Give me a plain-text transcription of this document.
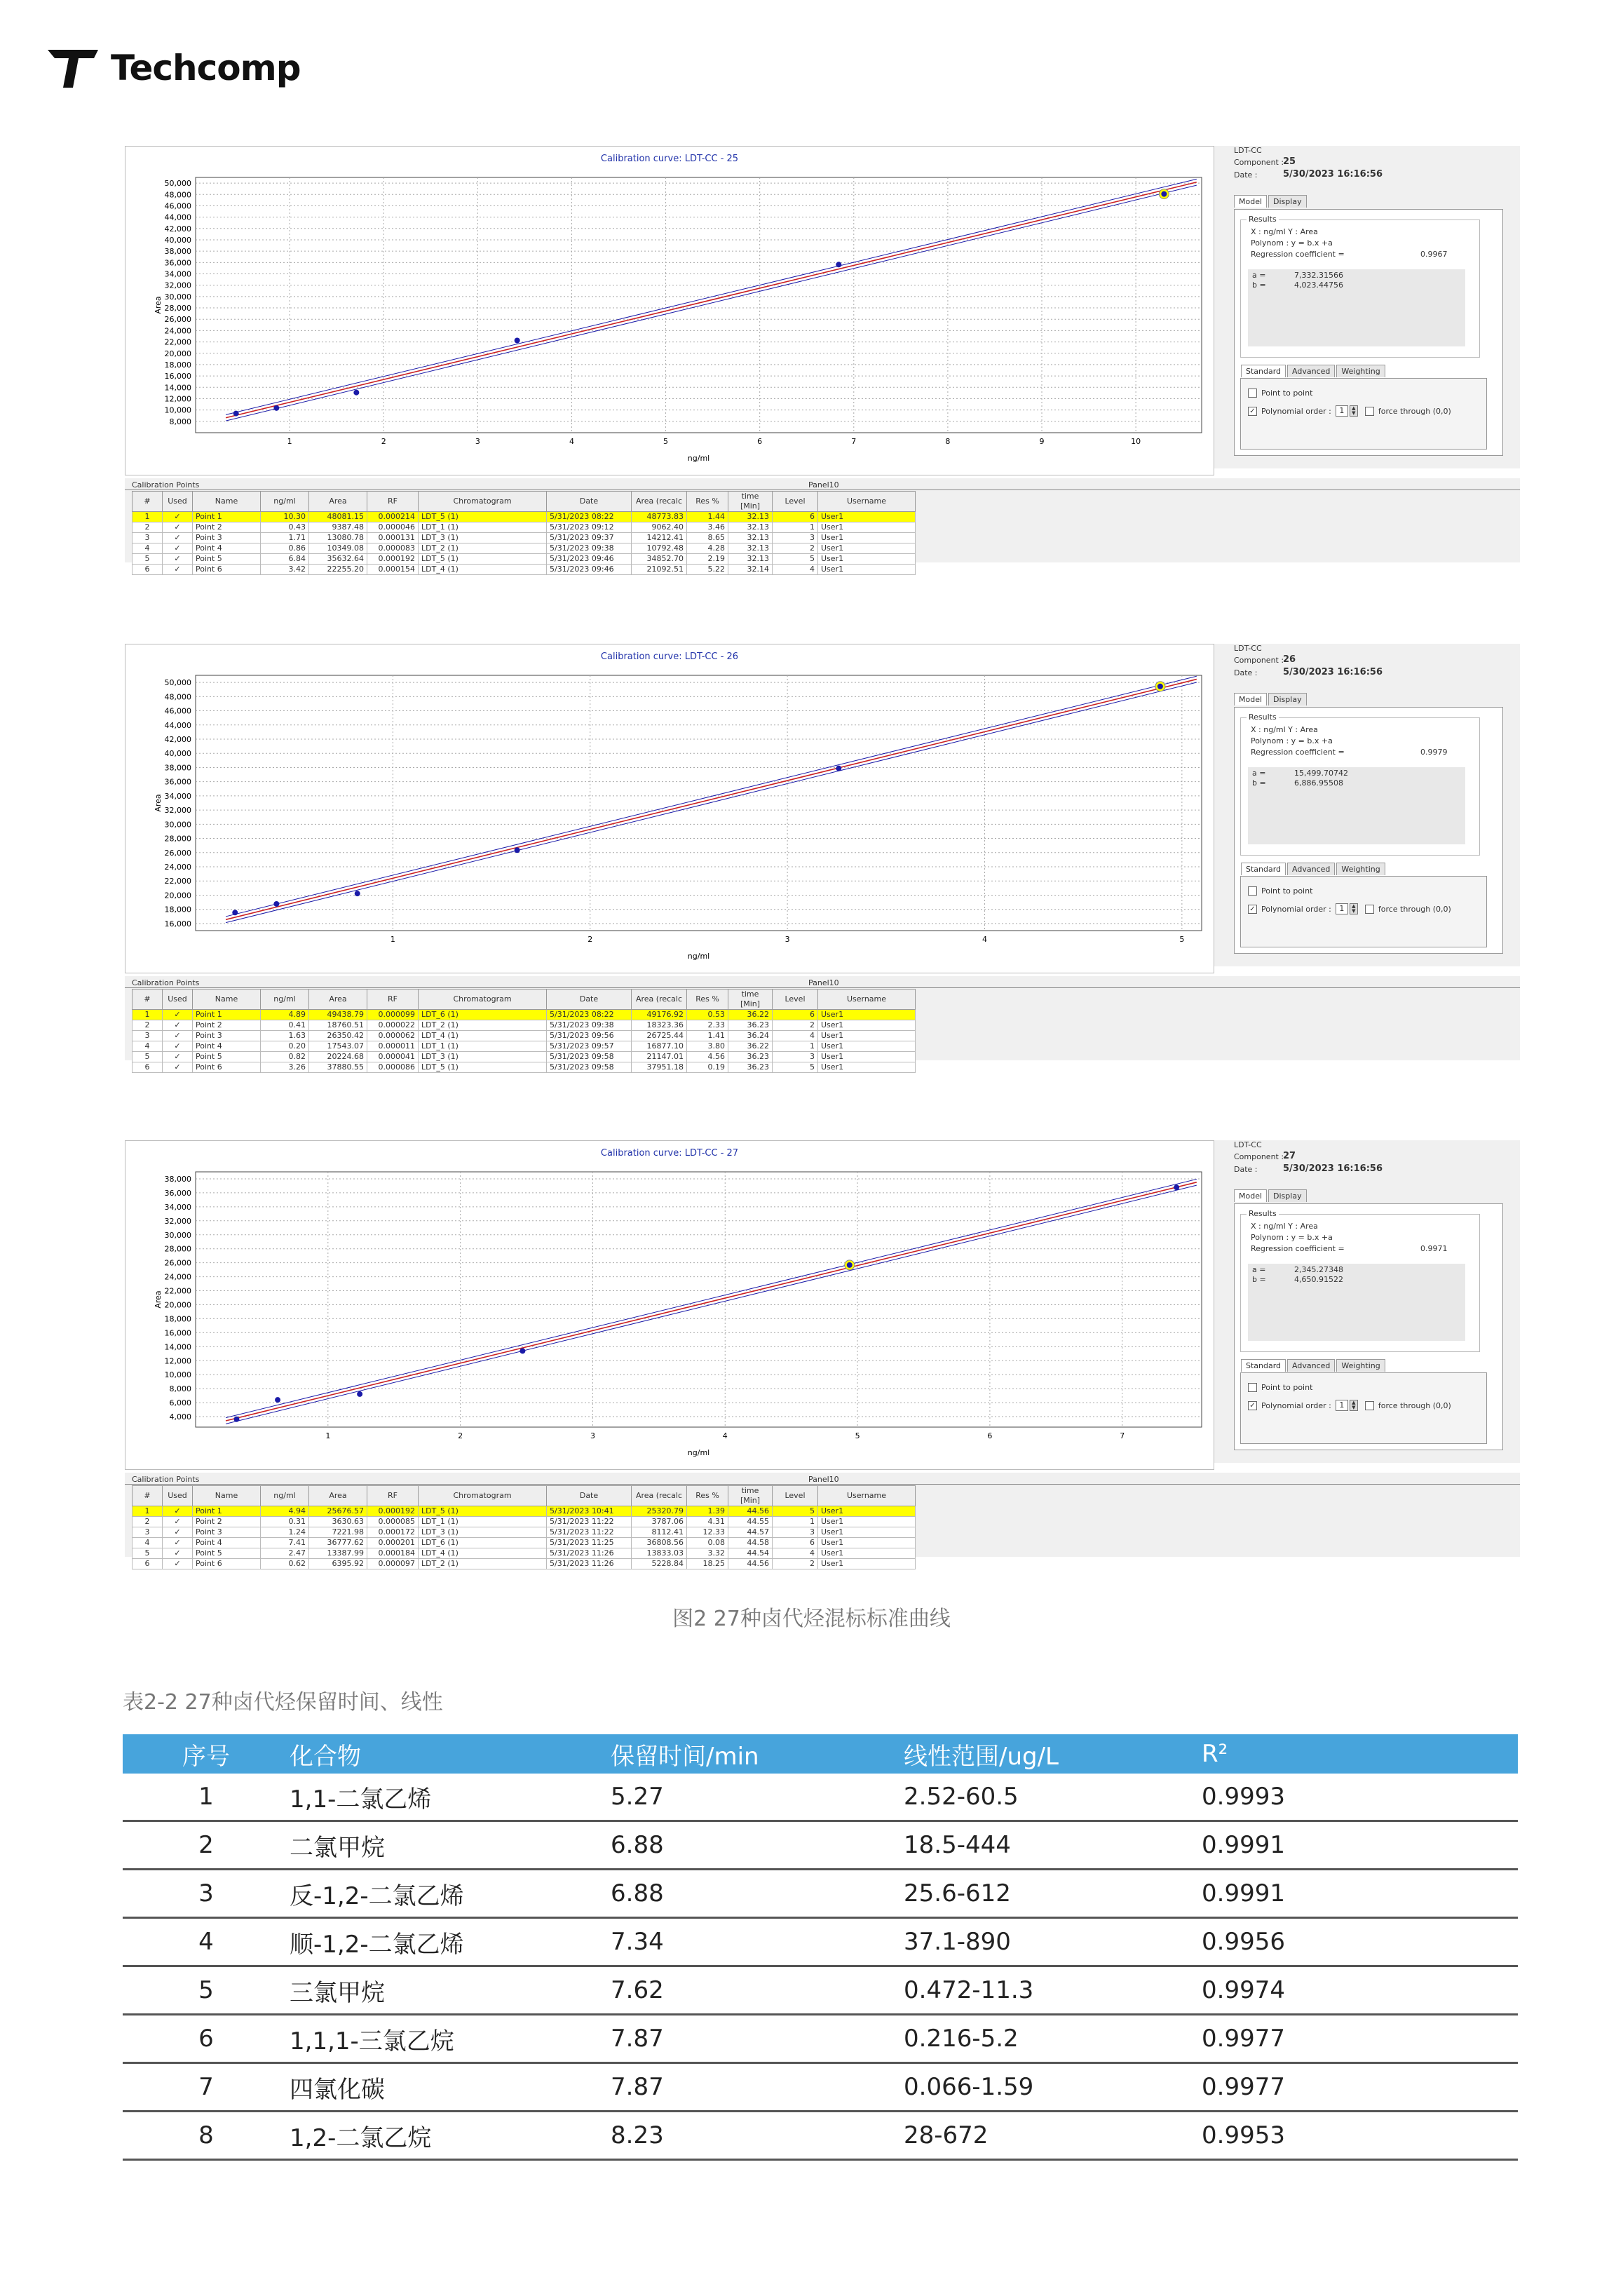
Techcomp
Calibration curve: LDT-CC - 25
8,000
10,000
12,000
14,000
16,000
18,000
20,000
22,000
24,000
26,000
28,000
30,000
32,000
34,000
36,000
38,000
40,000
42,000
44,000
46,000
48,000
50,000
1	2	3	4	5	6	7	8	9	10
ng/ml
Area
LDT-CC
Component :
25
Date :	5/30/2023 16:16:56
Model	Display
Results
X : ng/ml Y : Area
Polynom : y = b.x +a
Regression coefficient =	0.9967
a =	7,332.31566
b =	4,023.44756
Standard	Advanced	Weighting
Point to point
✓ Polynomial order :	1	▲
▼	force through (0,0)
Calibration Points	Panel10
#	Used	Name	ng/ml	Area	RF	Chromatogram	Date	Area (recalc	Res %	time [Min]	Level	Username
1	✓	Point 1	10.30	48081.15	0.000214	LDT_5 (1)	5/31/2023 08:22	48773.83	1.44	32.13	6	User1
2	✓	Point 2	0.43	9387.48	0.000046	LDT_1 (1)	5/31/2023 09:12	9062.40	3.46	32.13	1	User1
3	✓	Point 3	1.71	13080.78	0.000131	LDT_3 (1)	5/31/2023 09:37	14212.41	8.65	32.13	3	User1
4	✓	Point 4	0.86	10349.08	0.000083	LDT_2 (1)	5/31/2023 09:38	10792.48	4.28	32.13	2	User1
5	✓	Point 5	6.84	35632.64	0.000192	LDT_5 (1)	5/31/2023 09:46	34852.70	2.19	32.13	5	User1
6	✓	Point 6	3.42	22255.20	0.000154	LDT_4 (1)	5/31/2023 09:46	21092.51	5.22	32.14	4	User1
Calibration curve: LDT-CC - 26
16,000
18,000
20,000
22,000
24,000
26,000
28,000
30,000
32,000
34,000
36,000
38,000
40,000
42,000
44,000
46,000
48,000
50,000
1	2	3	4	5
ng/ml
Area
LDT-CC
Component :
26
Date :	5/30/2023 16:16:56
Model	Display
Results
X : ng/ml Y : Area
Polynom : y = b.x +a
Regression coefficient =	0.9979
a =	15,499.70742
b =	6,886.95508
Standard	Advanced	Weighting
Point to point
✓ Polynomial order :	1	▲
▼	force through (0,0)
Calibration Points	Panel10
#	Used	Name	ng/ml	Area	RF	Chromatogram	Date	Area (recalc	Res %	time [Min]	Level	Username
1	✓	Point 1	4.89	49438.79	0.000099	LDT_6 (1)	5/31/2023 08:22	49176.92	0.53	36.22	6	User1
2	✓	Point 2	0.41	18760.51	0.000022	LDT_2 (1)	5/31/2023 09:38	18323.36	2.33	36.23	2	User1
3	✓	Point 3	1.63	26350.42	0.000062	LDT_4 (1)	5/31/2023 09:56	26725.44	1.41	36.24	4	User1
4	✓	Point 4	0.20	17543.07	0.000011	LDT_1 (1)	5/31/2023 09:57	16877.10	3.80	36.22	1	User1
5	✓	Point 5	0.82	20224.68	0.000041	LDT_3 (1)	5/31/2023 09:58	21147.01	4.56	36.23	3	User1
6	✓	Point 6	3.26	37880.55	0.000086	LDT_5 (1)	5/31/2023 09:58	37951.18	0.19	36.23	5	User1
Calibration curve: LDT-CC - 27
4,000
6,000
8,000
10,000
12,000
14,000
16,000
18,000
20,000
22,000
24,000
26,000
28,000
30,000
32,000
34,000
36,000
38,000
1	2	3	4	5	6	7
ng/ml
Area
LDT-CC
Component :
27
Date :	5/30/2023 16:16:56
Model	Display
Results
X : ng/ml Y : Area
Polynom : y = b.x +a
Regression coefficient =	0.9971
a =	2,345.27348
b =	4,650.91522
Standard	Advanced	Weighting
Point to point
✓ Polynomial order :	1	▲
▼	force through (0,0)
Calibration Points	Panel10
#	Used	Name	ng/ml	Area	RF	Chromatogram	Date	Area (recalc	Res %	time [Min]	Level	Username
1	✓	Point 1	4.94	25676.57	0.000192	LDT_5 (1)	5/31/2023 10:41	25320.79	1.39	44.56	5	User1
2	✓	Point 2	0.31	3630.63	0.000085	LDT_1 (1)	5/31/2023 11:22	3787.06	4.31	44.55	1	User1
3	✓	Point 3	1.24	7221.98	0.000172	LDT_3 (1)	5/31/2023 11:22	8112.41	12.33	44.57	3	User1
4	✓	Point 4	7.41	36777.62	0.000201	LDT_6 (1)	5/31/2023 11:25	36808.56	0.08	44.58	6	User1
5	✓	Point 5	2.47	13387.99	0.000184	LDT_4 (1)	5/31/2023 11:26	13833.03	3.32	44.54	4	User1
6	✓	Point 6	0.62	6395.92	0.000097	LDT_2 (1)	5/31/2023 11:26	5228.84	18.25	44.56	2	User1
图2 27种卤代烃混标标准曲线
表2-2 27种卤代烃保留时间、线性
序号	化合物	保留时间/min	线性范围/ug/L	R²
1	1,1-二氯乙烯	5.27	2.52-60.5	0.9993
2	二氯甲烷	6.88	18.5-444	0.9991
3	反-1,2-二氯乙烯	6.88	25.6-612	0.9991
4	顺-1,2-二氯乙烯	7.34	37.1-890	0.9956
5	三氯甲烷	7.62	0.472-11.3	0.9974
6	1,1,1-三氯乙烷	7.87	0.216-5.2	0.9977
7	四氯化碳	7.87	0.066-1.59	0.9977
8	1,2-二氯乙烷	8.23	28-672	0.9953
